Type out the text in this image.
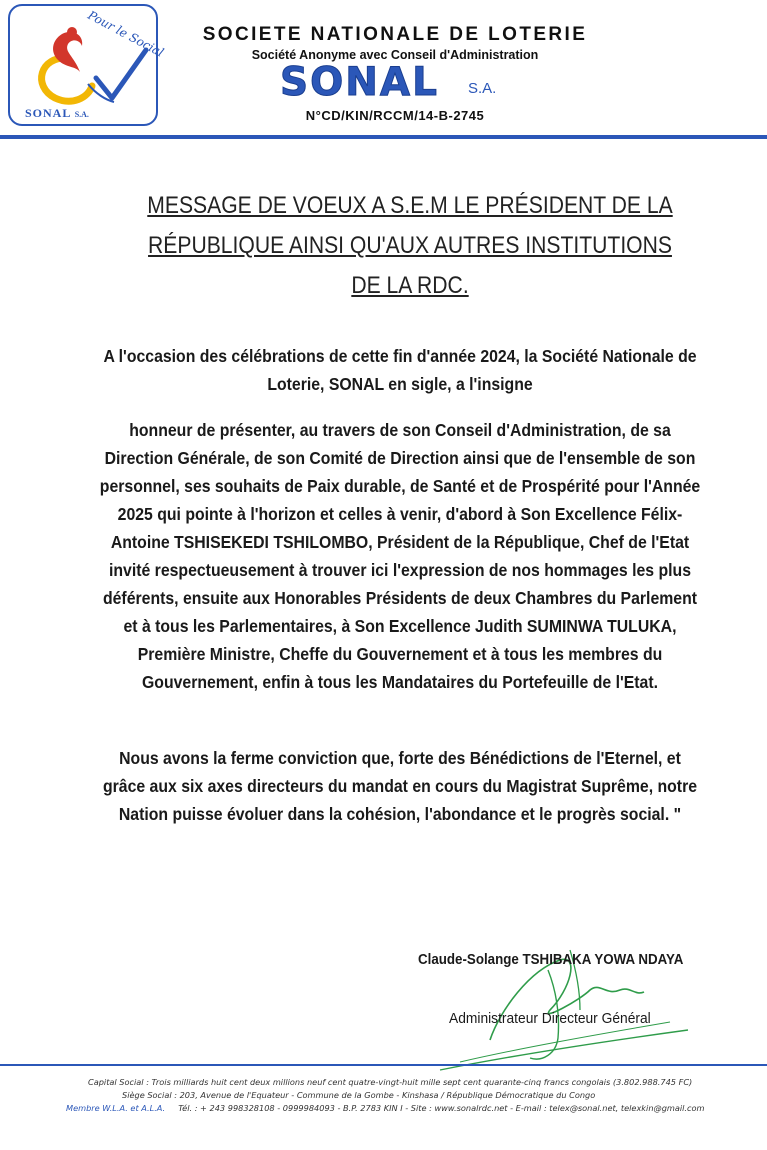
Pour le Social
SONAL S.A.
SOCIETE NATIONALE DE LOTERIE
Société Anonyme avec Conseil d'Administration
SONAL S.A.
N°CD/KIN/RCCM/14-B-2745
MESSAGE DE VOEUX A S.E.M LE PRÉSIDENT DE LA RÉPUBLIQUE AINSI QU'AUX AUTRES INSTITUTIONS DE LA RDC.
A l'occasion des célébrations de cette fin d'année 2024, la Société Nationale de Loterie, SONAL en sigle, a l'insigne
honneur de présenter, au travers de son Conseil d'Administration, de sa Direction Générale, de son Comité de Direction ainsi que de l'ensemble de son personnel, ses souhaits de Paix durable, de Santé et de Prospérité pour l'Année 2025 qui pointe à l'horizon et celles à venir, d'abord à Son Excellence Félix-Antoine TSHISEKEDI TSHILOMBO, Président de la République, Chef de l'Etat invité respectueusement à trouver ici l'expression de nos hommages les plus déférents, ensuite aux Honorables Présidents de deux Chambres du Parlement et à tous les Parlementaires, à Son Excellence Judith SUMINWA TULUKA, Première Ministre, Cheffe du Gouvernement et à tous les membres du Gouvernement, enfin à tous les Mandataires du Portefeuille de l'Etat.
Nous avons la ferme conviction que, forte des Bénédictions de l'Eternel, et grâce aux six axes directeurs du mandat en cours du Magistrat Suprême, notre Nation puisse évoluer dans la cohésion, l'abondance et le progrès social. "
Claude-Solange TSHIBAKA YOWA NDAYA
Administrateur Directeur Général
Capital Social : Trois milliards huit cent deux millions neuf cent quatre-vingt-huit mille sept cent quarante-cinq francs congolais (3.802.988.745 FC)
Siège Social : 203, Avenue de l'Equateur - Commune de la Gombe - Kinshasa / République Démocratique du Congo
Membre W.L.A. et A.L.A. Tél. : + 243 998328108 - 0999984093 - B.P. 2783 KIN I - Site : www.sonalrdc.net - E-mail : telex@sonal.net, telexkin@gmail.com
